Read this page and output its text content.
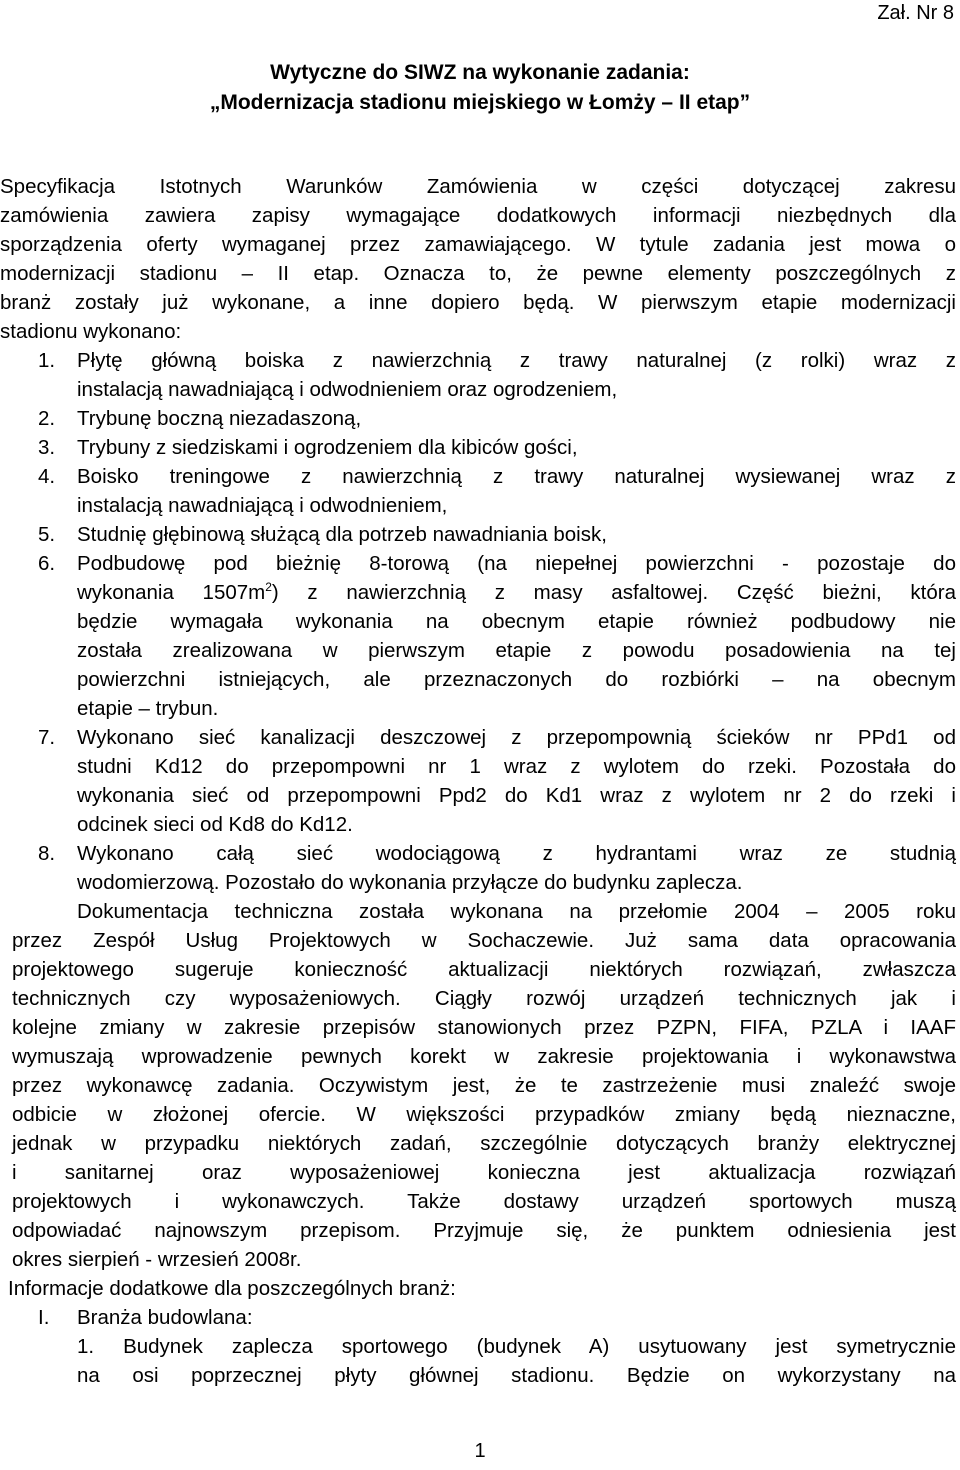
Zał. Nr 8
Wytyczne do SIWZ na wykonanie zadania:
„Modernizacja stadionu miejskiego w Łomży – II etap”
Specyfikacja Istotnych Warunków Zamówienia w części dotyczącej zakresu
zamówienia zawiera zapisy wymagające dodatkowych informacji niezbędnych dla
sporządzenia oferty wymaganej przez zamawiającego. W tytule zadania jest mowa o
modernizacji stadionu – II etap. Oznacza to, że pewne elementy poszczególnych z
branż zostały już wykonane, a inne dopiero będą. W pierwszym etapie modernizacji
stadionu wykonano:
1.	Płytę główną boiska z nawierzchnią z trawy naturalnej (z rolki) wraz z
instalacją nawadniającą i odwodnieniem oraz ogrodzeniem,
2.	Trybunę boczną niezadaszoną,
3.	Trybuny z siedziskami i ogrodzeniem dla kibiców gości,
4.	Boisko treningowe z nawierzchnią z trawy naturalnej wysiewanej wraz z
instalacją nawadniającą i odwodnieniem,
5.	Studnię głębinową służącą dla potrzeb nawadniania boisk,
6.	Podbudowę pod bieżnię 8-torową (na niepełnej powierzchni - pozostaje do
wykonania $1507m^2$) z nawierzchnią z masy asfaltowej. Część bieżni, która
będzie wymagała wykonania na obecnym etapie również podbudowy nie
została zrealizowana w pierwszym etapie z powodu posadowienia na tej
powierzchni istniejących, ale przeznaczonych do rozbiórki – na obecnym
etapie – trybun.
7.	Wykonano sieć kanalizacji deszczowej z przepompownią ścieków nr PPd1 od
studni Kd12 do przepompowni nr 1 wraz z wylotem do rzeki. Pozostała do
wykonania sieć od przepompowni Ppd2 do Kd1 wraz z wylotem nr 2 do rzeki i
odcinek sieci od Kd8 do Kd12.
8.	Wykonano całą sieć wodociągową z hydrantami wraz ze studnią
wodomierzową. Pozostało do wykonania przyłącze do budynku zaplecza.
Dokumentacja techniczna została wykonana na przełomie 2004 – 2005 roku
przez Zespół Usług Projektowych w Sochaczewie. Już sama data opracowania
projektowego sugeruje konieczność aktualizacji niektórych rozwiązań, zwłaszcza
technicznych czy wyposażeniowych. Ciągły rozwój urządzeń technicznych jak i
kolejne zmiany w zakresie przepisów stanowionych przez PZPN, FIFA, PZLA i IAAF
wymuszają wprowadzenie pewnych korekt w zakresie projektowania i wykonawstwa
przez wykonawcę zadania. Oczywistym jest, że te zastrzeżenie musi znaleźć swoje
odbicie w złożonej ofercie. W większości przypadków zmiany będą nieznaczne,
jednak w przypadku niektórych zadań, szczególnie dotyczących branży elektrycznej
i sanitarnej oraz wyposażeniowej konieczna jest aktualizacja rozwiązań
projektowych i wykonawczych. Także dostawy urządzeń sportowych muszą
odpowiadać najnowszym przepisom. Przyjmuje się, że punktem odniesienia jest
okres sierpień - wrzesień 2008r.
Informacje dodatkowe dla poszczególnych branż:
I.	Branża budowlana:
1. Budynek zaplecza sportowego (budynek A) usytuowany jest symetrycznie
na osi poprzecznej płyty głównej stadionu. Będzie on wykorzystany na
1
